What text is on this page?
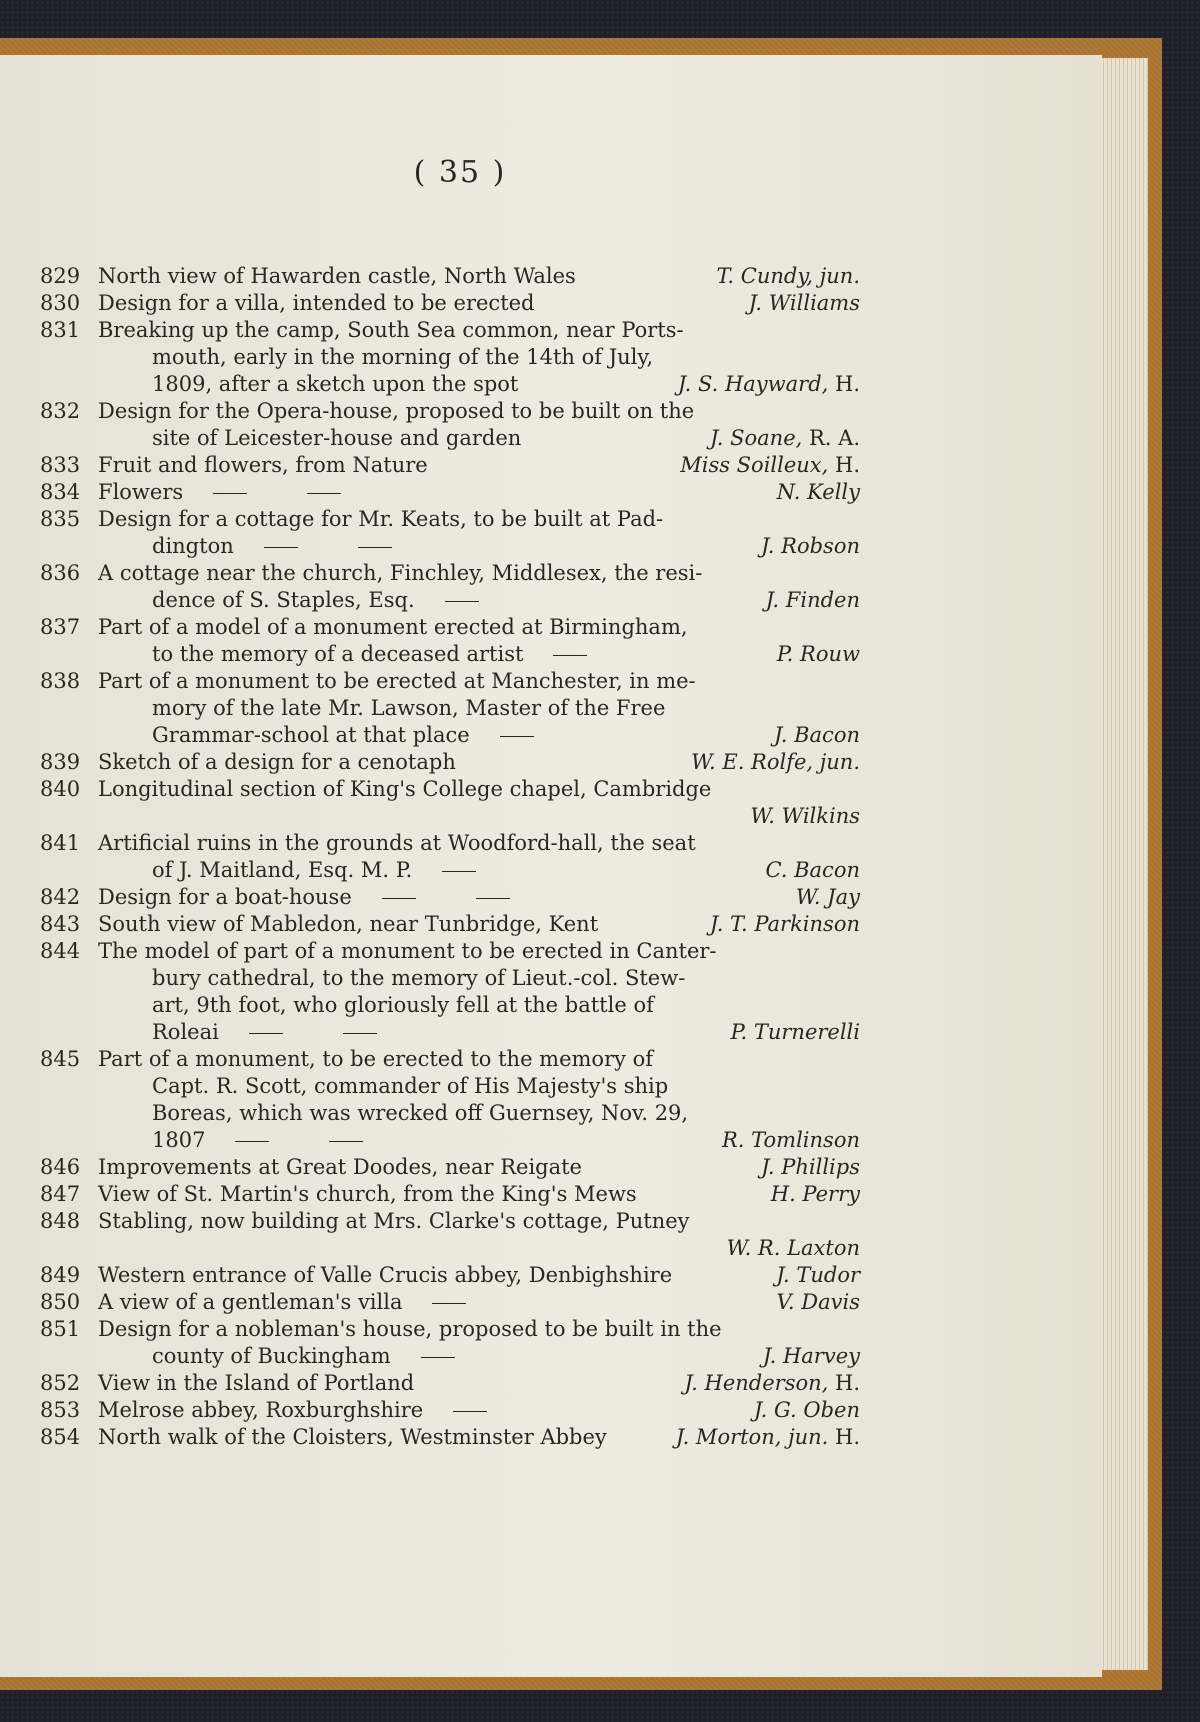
( 35 )
829 North view of Hawarden castle, North Wales	T. Cundy, jun.
830 Design for a villa, intended to be erected	J. Williams
831 Breaking up the camp, South Sea common, near Ports-
mouth, early in the morning of the 14th of July,
1809, after a sketch upon the spot	J. S. Hayward, H.
832 Design for the Opera-house, proposed to be built on the
site of Leicester-house and garden	J. Soane, R. A.
833 Fruit and flowers, from Nature	Miss Soilleux, H.
834 Flowers	N. Kelly
835 Design for a cottage for Mr. Keats, to be built at Pad-
dington	J. Robson
836 A cottage near the church, Finchley, Middlesex, the resi-
dence of S. Staples, Esq.	J. Finden
837 Part of a model of a monument erected at Birmingham,
to the memory of a deceased artist	P. Rouw
838 Part of a monument to be erected at Manchester, in me-
mory of the late Mr. Lawson, Master of the Free
Grammar-school at that place	J. Bacon
839 Sketch of a design for a cenotaph	W. E. Rolfe, jun.
840 Longitudinal section of King's College chapel, Cambridge
W. Wilkins
841 Artificial ruins in the grounds at Woodford-hall, the seat
of J. Maitland, Esq. M. P.	C. Bacon
842 Design for a boat-house	W. Jay
843 South view of Mabledon, near Tunbridge, Kent	J. T. Parkinson
844 The model of part of a monument to be erected in Canter-
bury cathedral, to the memory of Lieut.-col. Stew-
art, 9th foot, who gloriously fell at the battle of
Roleai	P. Turnerelli
845 Part of a monument, to be erected to the memory of
Capt. R. Scott, commander of His Majesty's ship
Boreas, which was wrecked off Guernsey, Nov. 29,
1807	R. Tomlinson
846 Improvements at Great Doodes, near Reigate	J. Phillips
847 View of St. Martin's church, from the King's Mews	H. Perry
848 Stabling, now building at Mrs. Clarke's cottage, Putney
W. R. Laxton
849 Western entrance of Valle Crucis abbey, Denbighshire	J. Tudor
850 A view of a gentleman's villa	V. Davis
851 Design for a nobleman's house, proposed to be built in the
county of Buckingham	J. Harvey
852 View in the Island of Portland	J. Henderson, H.
853 Melrose abbey, Roxburghshire	J. G. Oben
854 North walk of the Cloisters, Westminster Abbey	J. Morton, jun. H.
